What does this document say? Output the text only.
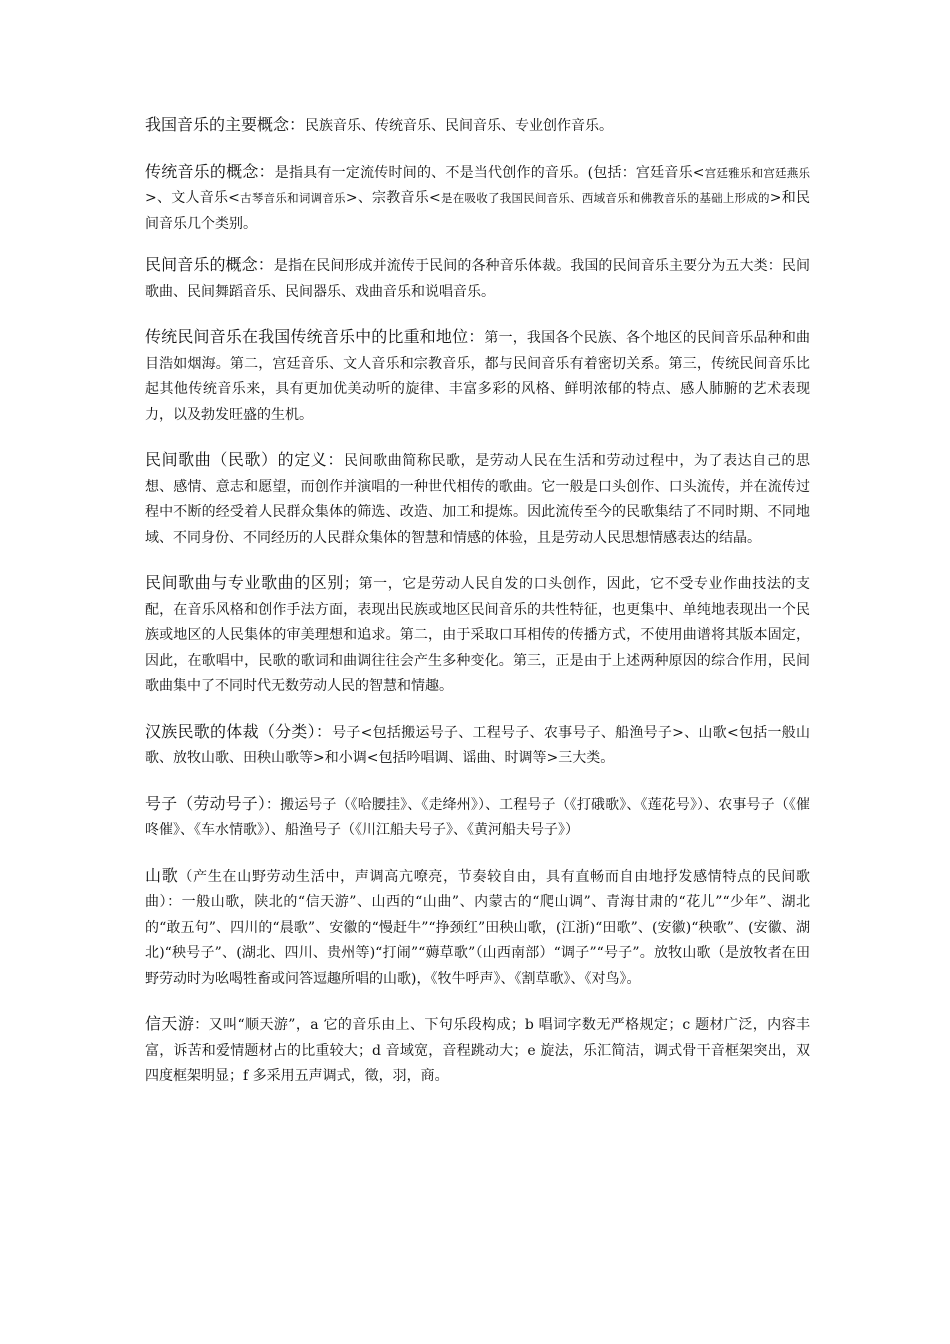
我国音乐的主要概念：民族音乐、传统音乐、民间音乐、专业创作音乐。

传统音乐的概念：是指具有一定流传时间的、不是当代创作的音乐。(包括：宫廷音乐<宫廷雅乐和宫廷燕乐>、文人音乐<古琴音乐和词调音乐>、宗教音乐<是在吸收了我国民间音乐、西域音乐和佛教音乐的基础上形成的>和民间音乐几个类别。

民间音乐的概念：是指在民间形成并流传于民间的各种音乐体裁。我国的民间音乐主要分为五大类：民间歌曲、民间舞蹈音乐、民间器乐、戏曲音乐和说唱音乐。

传统民间音乐在我国传统音乐中的比重和地位：第一，我国各个民族、各个地区的民间音乐品种和曲目浩如烟海。第二，宫廷音乐、文人音乐和宗教音乐，都与民间音乐有着密切关系。第三，传统民间音乐比起其他传统音乐来，具有更加优美动听的旋律、丰富多彩的风格、鲜明浓郁的特点、感人肺腑的艺术表现力，以及勃发旺盛的生机。

民间歌曲（民歌）的定义：民间歌曲简称民歌，是劳动人民在生活和劳动过程中，为了表达自己的思想、感情、意志和愿望，而创作并演唱的一种世代相传的歌曲。它一般是口头创作、口头流传，并在流传过程中不断的经受着人民群众集体的筛选、改造、加工和提炼。因此流传至今的民歌集结了不同时期、不同地域、不同身份、不同经历的人民群众集体的智慧和情感的体验，且是劳动人民思想情感表达的结晶。

民间歌曲与专业歌曲的区别；第一，它是劳动人民自发的口头创作，因此，它不受专业作曲技法的支配，在音乐风格和创作手法方面，表现出民族或地区民间音乐的共性特征，也更集中、单纯地表现出一个民族或地区的人民集体的审美理想和追求。第二，由于采取口耳相传的传播方式，不使用曲谱将其版本固定，因此，在歌唱中，民歌的歌词和曲调往往会产生多种变化。第三，正是由于上述两种原因的综合作用，民间歌曲集中了不同时代无数劳动人民的智慧和情趣。

汉族民歌的体裁（分类）：号子<包括搬运号子、工程号子、农事号子、船渔号子>、山歌<包括一般山歌、放牧山歌、田秧山歌等>和小调<包括吟唱调、谣曲、时调等>三大类。

号子（劳动号子）：搬运号子（《哈腰挂》、《走绛州》）、工程号子（《打硪歌》、《莲花号》）、农事号子（《催咚催》、《车水情歌》）、船渔号子（《川江船夫号子》、《黄河船夫号子》）

山歌（产生在山野劳动生活中，声调高亢嘹亮，节奏较自由，具有直畅而自由地抒发感情特点的民间歌曲）：一般山歌，陕北的“信天游”、山西的“山曲”、内蒙古的“爬山调”、青海甘肃的“花儿”“少年”、湖北的“敢五句”、四川的“晨歌”、安徽的“慢赶牛”“挣颈红”田秧山歌，(江浙)“田歌”、(安徽)“秧歌”、(安徽、湖北)“秧号子”、(湖北、四川、贵州等)“打闹”“薅草歌”（山西南部）“调子”“号子”。放牧山歌（是放牧者在田野劳动时为吆喝牲畜或问答逗趣所唱的山歌)，《牧牛呼声》、《割草歌》、《对鸟》。

信天游：又叫“顺天游”，a 它的音乐由上、下句乐段构成；b 唱词字数无严格规定；c 题材广泛，内容丰富，诉苦和爱情题材占的比重较大；d 音域宽，音程跳动大；e 旋法，乐汇简洁，调式骨干音框架突出，双四度框架明显；f 多采用五声调式，徵，羽，商。
